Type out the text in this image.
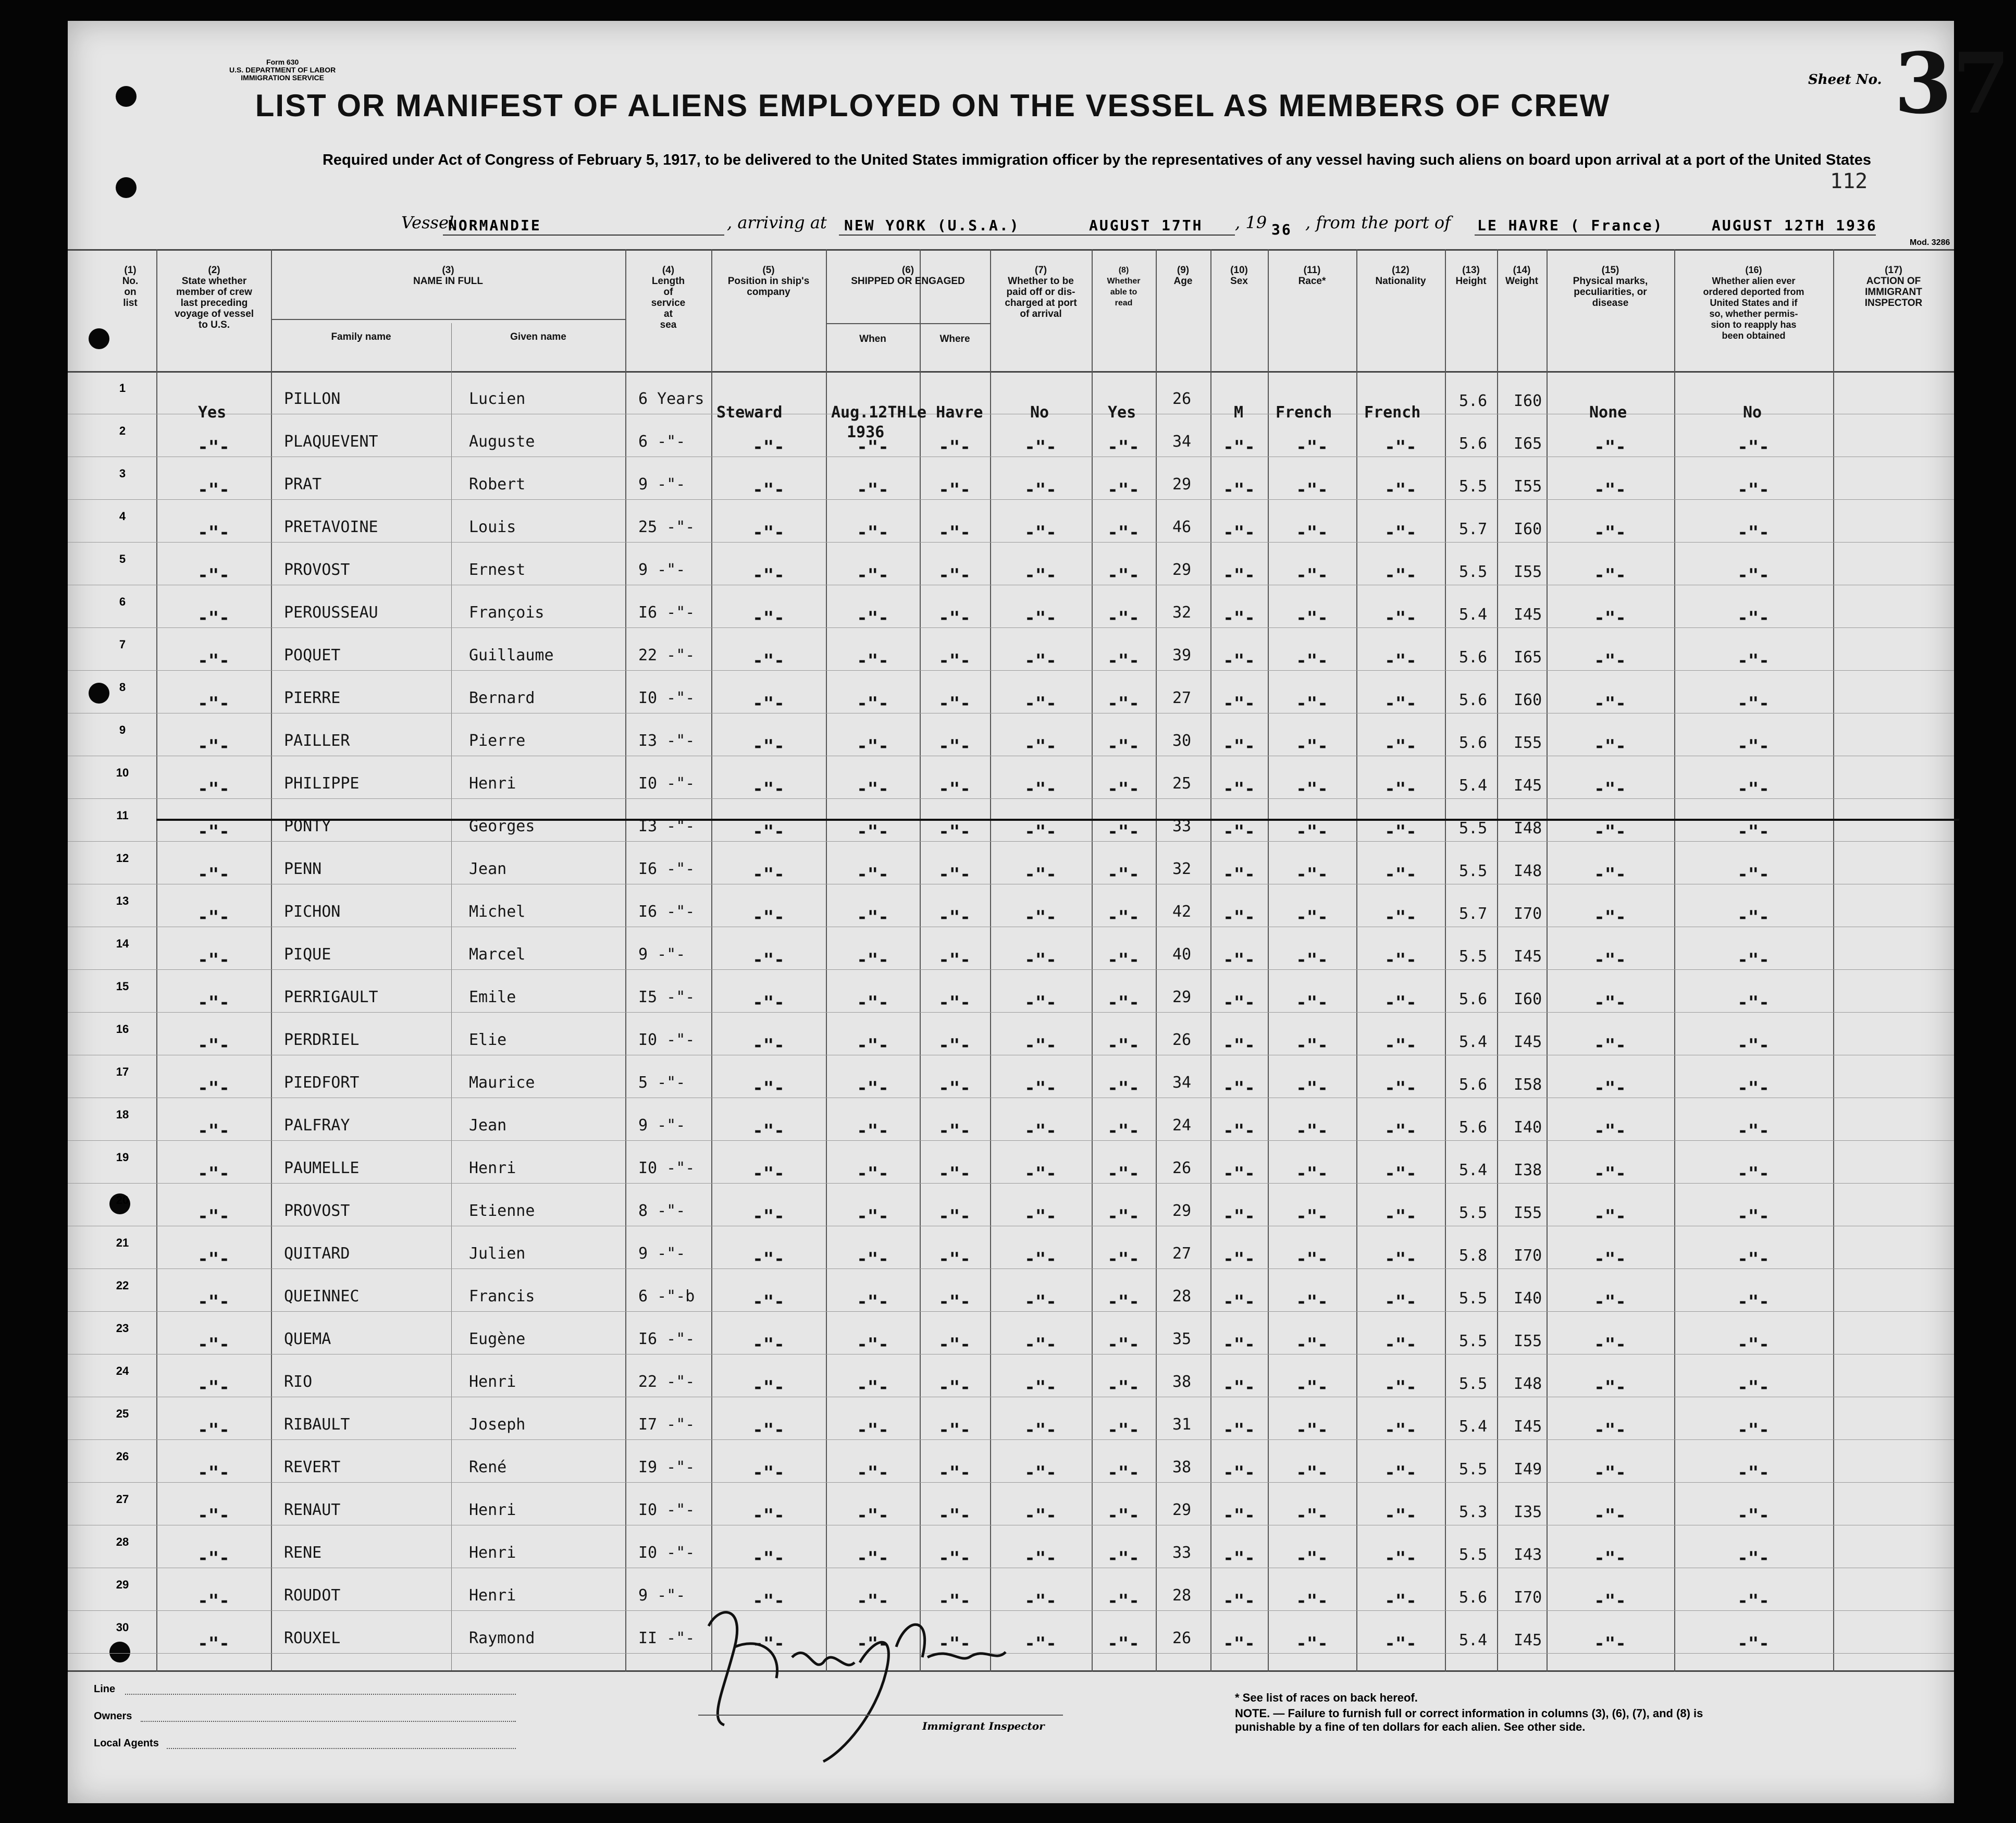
Form 630
U.S. DEPARTMENT OF LABOR
IMMIGRATION SERVICE
LIST OR MANIFEST OF ALIENS EMPLOYED ON THE VESSEL AS MEMBERS OF CREW
Sheet No. 37
Required under Act of Congress of February 5, 1917, to be delivered to the United States immigration officer by the representatives of any vessel having such aliens on board upon arrival at a port of the United States
112
Vessel
NORMANDIE	, arriving at NEW YORK (U.S.A.)	AUGUST 17TH , 19 36 , from the port of LE HAVRE ( France)	AUGUST 12TH 1936
Mod. 3286
(1)
No.
on
list
(2)
State whether
member of crew
last preceding
voyage of vessel
to U.S.
(3)
NAME IN FULL
Family name	Given name
(4)
Length
of
service
at
sea
(5)
Position in ship's
company
(6)
SHIPPED OR ENGAGED
When	Where
(7)
Whether to be
paid off or dis-
charged at port
of arrival
(8)
Whether
able to
read
(9)
Age
(10)
Sex
(11)
Race*
(12)
Nationality
(13)
Height
(14)
Weight
(15)
Physical marks,
peculiarities, or
disease
(16)
Whether alien ever
ordered deported from
United States and if
so, whether permis-
sion to reapply has
been obtained
(17)
ACTION OF
IMMIGRANT
INSPECTOR
1
PILLON	Lucien	6 Years	26	5.6 I60
Yes	Steward	Aug.12TH
1936
Le Havre	No	Yes	M French French	None	No
2
PLAQUEVENT	Auguste	6 -"-	34	5.6 I65
-"-	-"-	-"-	-"-	-"-	-"-	-"- -"-	-"-	-"-	-"-
3
PRAT	Robert	9 -"-	29	5.5 I55
-"-	-"-	-"-	-"-	-"-	-"-	-"- -"-	-"-	-"-	-"-
4
PRETAVOINE	Louis	25 -"-	46	5.7 I60
-"-	-"-	-"-	-"-	-"-	-"-	-"- -"-	-"-	-"-	-"-
5
PROVOST	Ernest	9 -"-	29	5.5 I55
-"-	-"-	-"-	-"-	-"-	-"-	-"- -"-	-"-	-"-	-"-
6
PEROUSSEAU	François	I6 -"-	32	5.4 I45
-"-	-"-	-"-	-"-	-"-	-"-	-"- -"-	-"-	-"-	-"-
7
POQUET	Guillaume	22 -"-	39	5.6 I65
-"-	-"-	-"-	-"-	-"-	-"-	-"- -"-	-"-	-"-	-"-
8
PIERRE	Bernard	I0 -"-	27	5.6 I60
-"-	-"-	-"-	-"-	-"-	-"-	-"- -"-	-"-	-"-	-"-
9
PAILLER	Pierre	I3 -"-	30	5.6 I55
-"-	-"-	-"-	-"-	-"-	-"-	-"- -"-	-"-	-"-	-"-
10
PHILIPPE	Henri	I0 -"-	25	5.4 I45
-"-	-"-	-"-	-"-	-"-	-"-	-"- -"-	-"-	-"-	-"-
11
PONTY	Georges	I3 -"-	33	5.5 I48
-"-	-"-	-"-	-"-	-"-	-"-	-"- -"-	-"-	-"-	-"-
12
PENN	Jean	I6 -"-	32	5.5 I48
-"-	-"-	-"-	-"-	-"-	-"-	-"- -"-	-"-	-"-	-"-
13
PICHON	Michel	I6 -"-	42	5.7 I70
-"-	-"-	-"-	-"-	-"-	-"-	-"- -"-	-"-	-"-	-"-
14
PIQUE	Marcel	9 -"-	40	5.5 I45
-"-	-"-	-"-	-"-	-"-	-"-	-"- -"-	-"-	-"-	-"-
15
PERRIGAULT	Emile	I5 -"-	29	5.6 I60
-"-	-"-	-"-	-"-	-"-	-"-	-"- -"-	-"-	-"-	-"-
16
PERDRIEL	Elie	I0 -"-	26	5.4 I45
-"-	-"-	-"-	-"-	-"-	-"-	-"- -"-	-"-	-"-	-"-
17
PIEDFORT	Maurice	5 -"-	34	5.6 I58
-"-	-"-	-"-	-"-	-"-	-"-	-"- -"-	-"-	-"-	-"-
18
PALFRAY	Jean	9 -"-	24	5.6 I40
-"-	-"-	-"-	-"-	-"-	-"-	-"- -"-	-"-	-"-	-"-
19
PAUMELLE	Henri	I0 -"-	26	5.4 I38
-"-	-"-	-"-	-"-	-"-	-"-	-"- -"-	-"-	-"-	-"-
20
PROVOST	Etienne	8 -"-	29	5.5 I55
-"-	-"-	-"-	-"-	-"-	-"-	-"- -"-	-"-	-"-	-"-
21
QUITARD	Julien	9 -"-	27	5.8 I70
-"-	-"-	-"-	-"-	-"-	-"-	-"- -"-	-"-	-"-	-"-
22
QUEINNEC	Francis	6 -"-b	28	5.5 I40
-"-	-"-	-"-	-"-	-"-	-"-	-"- -"-	-"-	-"-	-"-
23
QUEMA	Eugène	I6 -"-	35	5.5 I55
-"-	-"-	-"-	-"-	-"-	-"-	-"- -"-	-"-	-"-	-"-
24
RIO	Henri	22 -"-	38	5.5 I48
-"-	-"-	-"-	-"-	-"-	-"-	-"- -"-	-"-	-"-	-"-
25
RIBAULT	Joseph	I7 -"-	31	5.4 I45
-"-	-"-	-"-	-"-	-"-	-"-	-"- -"-	-"-	-"-	-"-
26
REVERT	René	I9 -"-	38	5.5 I49
-"-	-"-	-"-	-"-	-"-	-"-	-"- -"-	-"-	-"-	-"-
27
RENAUT	Henri	I0 -"-	29	5.3 I35
-"-	-"-	-"-	-"-	-"-	-"-	-"- -"-	-"-	-"-	-"-
28
RENE	Henri	I0 -"-	33	5.5 I43
-"-	-"-	-"-	-"-	-"-	-"-	-"- -"-	-"-	-"-	-"-
29
ROUDOT	Henri	9 -"-	28	5.6 I70
-"-	-"-	-"-	-"-	-"-	-"-	-"- -"-	-"-	-"-	-"-
30
ROUXEL	Raymond	II -"-	26	5.4 I45
-"-	-"-	-"-	-"-	-"-	-"-	-"- -"-	-"-	-"-	-"-
Line
Owners
Local Agents
Immigrant Inspector
* See list of races on back hereof.
NOTE. — Failure to furnish full or correct information in columns (3), (6), (7), and (8) is punishable by a fine of ten dollars for each alien. See other side.
